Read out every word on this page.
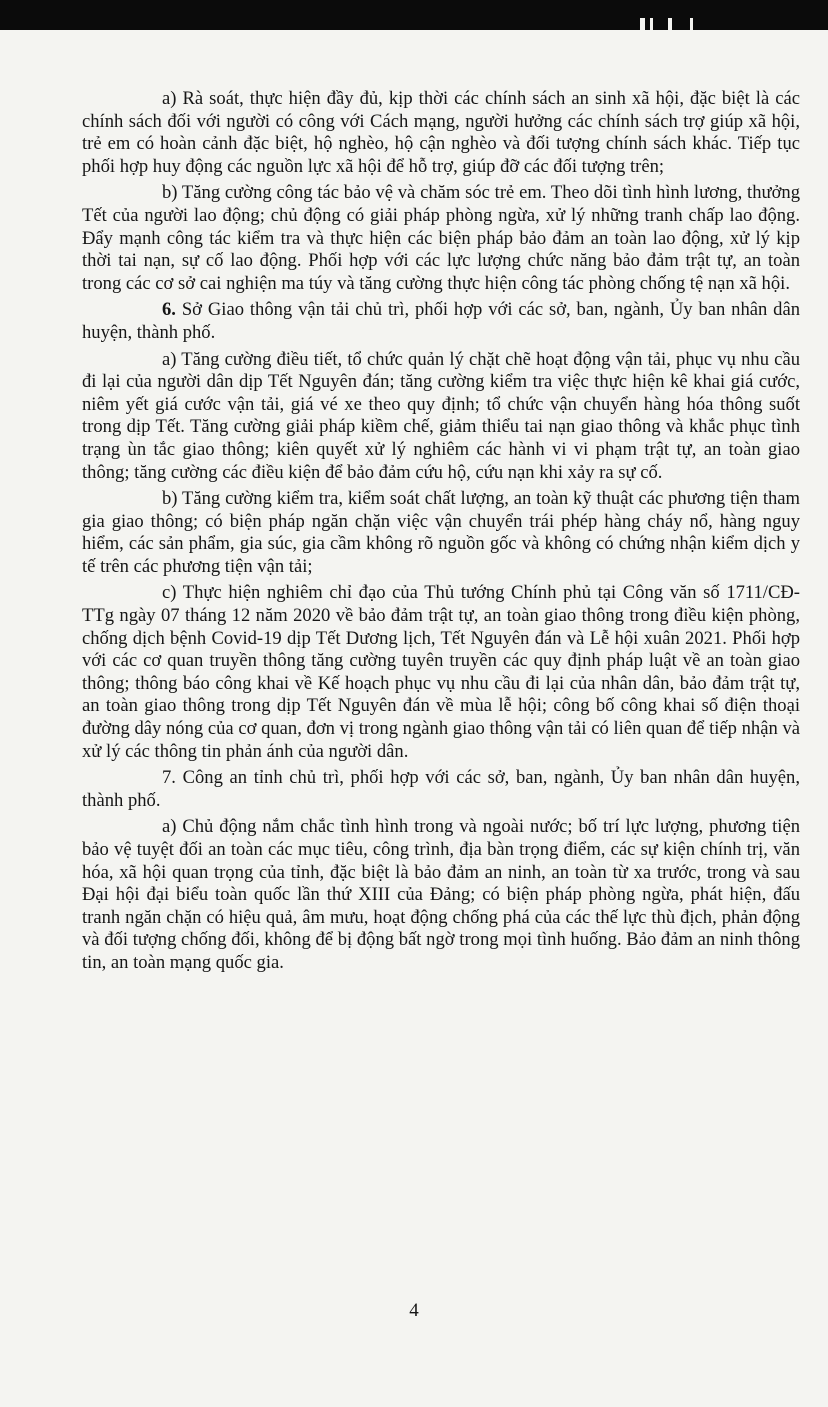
a) Rà soát, thực hiện đầy đủ, kịp thời các chính sách an sinh xã hội, đặc biệt là các chính sách đối với người có công với Cách mạng, người hưởng các chính sách trợ giúp xã hội, trẻ em có hoàn cảnh đặc biệt, hộ nghèo, hộ cận nghèo và đối tượng chính sách khác. Tiếp tục phối hợp huy động các nguồn lực xã hội để hỗ trợ, giúp đỡ các đối tượng trên;

b) Tăng cường công tác bảo vệ và chăm sóc trẻ em. Theo dõi tình hình lương, thưởng Tết của người lao động; chủ động có giải pháp phòng ngừa, xử lý những tranh chấp lao động. Đẩy mạnh công tác kiểm tra và thực hiện các biện pháp bảo đảm an toàn lao động, xử lý kịp thời tai nạn, sự cố lao động. Phối hợp với các lực lượng chức năng bảo đảm trật tự, an toàn trong các cơ sở cai nghiện ma túy và tăng cường thực hiện công tác phòng chống tệ nạn xã hội.

6. Sở Giao thông vận tải chủ trì, phối hợp với các sở, ban, ngành, Ủy ban nhân dân huyện, thành phố.

a) Tăng cường điều tiết, tổ chức quản lý chặt chẽ hoạt động vận tải, phục vụ nhu cầu đi lại của người dân dịp Tết Nguyên đán; tăng cường kiểm tra việc thực hiện kê khai giá cước, niêm yết giá cước vận tải, giá vé xe theo quy định; tổ chức vận chuyển hàng hóa thông suốt trong dịp Tết. Tăng cường giải pháp kiềm chế, giảm thiểu tai nạn giao thông và khắc phục tình trạng ùn tắc giao thông; kiên quyết xử lý nghiêm các hành vi vi phạm trật tự, an toàn giao thông; tăng cường các điều kiện để bảo đảm cứu hộ, cứu nạn khi xảy ra sự cố.

b) Tăng cường kiểm tra, kiểm soát chất lượng, an toàn kỹ thuật các phương tiện tham gia giao thông; có biện pháp ngăn chặn việc vận chuyển trái phép hàng cháy nổ, hàng nguy hiểm, các sản phẩm, gia súc, gia cầm không rõ nguồn gốc và không có chứng nhận kiểm dịch y tế trên các phương tiện vận tải;

c) Thực hiện nghiêm chỉ đạo của Thủ tướng Chính phủ tại Công văn số 1711/CĐ-TTg ngày 07 tháng 12 năm 2020 về bảo đảm trật tự, an toàn giao thông trong điều kiện phòng, chống dịch bệnh Covid-19 dịp Tết Dương lịch, Tết Nguyên đán và Lễ hội xuân 2021. Phối hợp với các cơ quan truyền thông tăng cường tuyên truyền các quy định pháp luật về an toàn giao thông; thông báo công khai về Kế hoạch phục vụ nhu cầu đi lại của nhân dân, bảo đảm trật tự, an toàn giao thông trong dịp Tết Nguyên đán về mùa lễ hội; công bố công khai số điện thoại đường dây nóng của cơ quan, đơn vị trong ngành giao thông vận tải có liên quan để tiếp nhận và xử lý các thông tin phản ánh của người dân.

7. Công an tỉnh chủ trì, phối hợp với các sở, ban, ngành, Ủy ban nhân dân huyện, thành phố.

a) Chủ động nắm chắc tình hình trong và ngoài nước; bố trí lực lượng, phương tiện bảo vệ tuyệt đối an toàn các mục tiêu, công trình, địa bàn trọng điểm, các sự kiện chính trị, văn hóa, xã hội quan trọng của tỉnh, đặc biệt là bảo đảm an ninh, an toàn từ xa trước, trong và sau Đại hội đại biểu toàn quốc lần thứ XIII của Đảng; có biện pháp phòng ngừa, phát hiện, đấu tranh ngăn chặn có hiệu quả, âm mưu, hoạt động chống phá của các thế lực thù địch, phản động và đối tượng chống đối, không để bị động bất ngờ trong mọi tình huống. Bảo đảm an ninh thông tin, an toàn mạng quốc gia.

4
